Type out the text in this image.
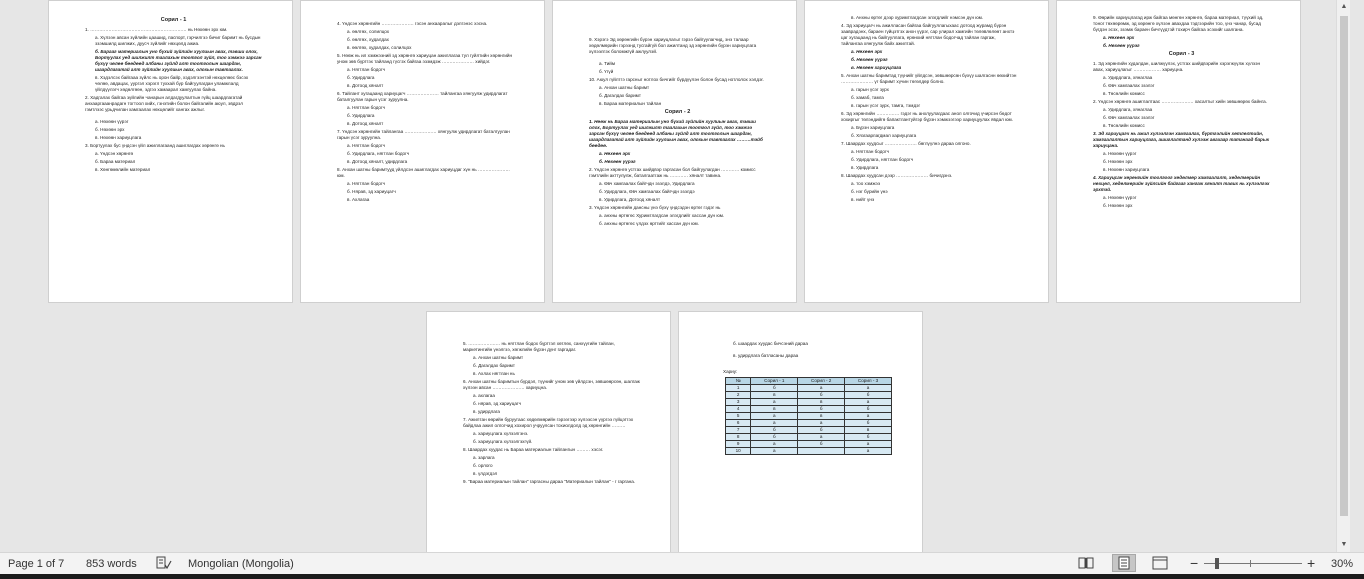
Сорил - 1

1. ……………………………………………………… нь Нөхөөн эрх юм.

а. Хүлээн авсан зүйлийн цаашид, паспорт, гэрчилгээ бичиг баримт нь бусдын эзэмшилд шилжих, дуусч зүйлийг нөхцөлд ажиа.

б. Барааг материалын уно бүхий зүйлийн хуулиын авах, тэвши олох, Бортуулах уед шилжилт таалахын тоотгол зүйл, тоо хэмжээ зарсан бүхүү чөлөө бөөдөөд албаны зүйлд алт тоотголын шаардан, шаардлагатай алт зүйлийн хуулиын авах, олохын тавтаалах.

в. Хэдэлсэх байгааа зүйлс нь орон байр, хэдэлгээнтэй нөхцөлөөс бэсэх чөлөө, авдацах, уургэл хэрэгл туххай бүр байгуулагдан уламжлалд үйлдүүлэгч хөдөлгөөн, эдгээ хамаарал хамгуулах байна.

2. Хадгалах байгаа зүйлийн чанарын алдагдуулалтын гүйц шаардлагатай анхааргааанрадагн тогтоол хийх, гэнэтийн болон байгалийн аюул, эвдрэл гэмтлээс урьдчилан хамгаалах нөхцөлийг хангах ажлыг.

а. Нөхөөн үүрэг

б. Нөхөөн эрх

в. Нөхөөн хариуцлага

3. Бортуулах бус үндсэн үйл ажиллагаанд ашиглагдах хөрөнгө нь

а. Үндсэн хөрөнгө

б. Бараа материал

в. Хөнгөмөлийн материал

4. Үндсэн хөрөнгийн ………………… гэсэн анхааралыг дэлгэнэс хэсна.

а. өөлгөх, солилцох

б. өөлгөх, худалдах

в. өөлгөх, худалдах, солилцох

5. Нөөж нь ил хэмжээний эд хөрөнгө хариуцан ажиллагаа тул гуйлтийн хөрөнгийн уном зөв бүртгэх тайланд гүсгэх байгаа эзэмдэж ………………… хийдэг.

а. Нягтлан бодогч

б. Удирдлага

в. Дотоод хяналт

6. Тайлант хугацаанд хариуцагч ………………… тайлангаа хянгуулж удирдлагат баталгуулан гарын үсэг зуруулна.

а. Нягтлан бодогч

б. Удирдлага

в. Дотоод хяналт

7. Үндсэн хөрөнгийн тайлангаа ………………… хянгуулж удирдлагат баталгуулан гарын үсэг зуруулна.

а. Нягтлан бодогч

б. Удирдлага, нягтлан бодогч

в. Дотоод хяналт, удирдлага

8. Анхан шатны баримтууд үйлдсэн ашиглагдах хариуцдаг хүн нь ………………… юм.

а. Нягтлан бодогч

б. Нярав, эд хариуцагч

в. Ахлагаа

9. Хэрэгэ Эд хөрөнгийн бүрэн хариуцлагыг гэрээ байгуулагчид, энэ талаар хөдөлмөрийн гэрээнд тусгайгүй бол ажилтанд эд хөрөнгийн бүрэн хариуцлага хүлээлгэх боломжгүй ажлуулэй.

а. Тийм

б. Үгүй

10. Аюул гүйлтгэ гарсныг нотлох бичгийг бүрдүүлэн болон бусад нотлолох хэлдэг.

а. Анхан шатны баримт

б. Дагалдах баримт

в. Бараа материалын тайлан

Сорил - 2

1. Нөөж нь Бараа материалын уно бүхий зүйлийн хуулиын авах, тэвши олох, Бортуулах уед шилжилт таалахын тоотгол зүйл, тоо хэмжээ зарсан бүхүү чөлөө бөөдөөд албаны зүйлд алт тоотголын шаардан, шаардлагатай алт зүйлийн хуулиын авах, олохын тавтаалах ………тэйб бөөдөө.

а. Нөхөөн эрх

б. Нөхөөн үүрэг

2. Үндсэн хөрөнгө устгах шийдвэр гаргасан бол байгуулагдан ………… комисс гэмтлийн акттулулж, баталгаатгаж нь ………… хяналт тавина.

а. Өвч хамгаалах байгчдн эзэлдэ, Удирдлага

б. Удирдлага, Өвч хамгаалах байгчдн эзэлдэ

в. Удирдлага, Дотоод хяналт

3. Үндсэн хөрөнгийн дансны үнэ бүхү үндсэдэн өртөг гэдэг нь

а. анхны өртөгөс Хуримтлагдсан элэгдлийг хассан дүн юм.

б. анхны өртөгөс үлдэх өртгийг хассан дүн юм.

в. Анхны өртөг дээр хуримтлагдсан элэгдлийг нэмсэн дүн юм.

4. Эд хариуцагч нь ажилласан байгаа байгууллагыхаас дотоод журамд бүрэн зааврадэнх, бараен гүйцэтгэх анхн үүрэг, сар улирал хамгийн төлөвлөлөөт анхтэ цаг хугацаанд нь байгууллага, ерөнхий нягтлан бодогчад тайлан гаргаж, тайлангаа хянгуулж байх ажилтай.

а. Нөхөөн эрх

б. Нөхөөн үүрэг

в. Нөхөөн хариуцлага

5. Анхан шатны баримтад түүнийг үйлдсэн, зөвшөөрсөн бүхүү шалгаснн өөхийтэн ………………… үг баримт хүчин төгөлдөр болно.

а. гарын үсэг зурх

б. хамаб, тамга

в. гарын үсэг зурх, тамга, тэмдэг

6. Эд хөрөнгийн …………… гэдэг нь анхлуулагдаас анол олгочид үчирсэн бөдот хохиргыг төлэндийгө бапактлантуйгэр бүрэн хэмжээгээр хариуцуулах явдал юм.

а. Бүрэн хариуцлага

б. Хязгаарлагдмал хариуцлага

7. Шаардах хуудсыг ………………… бөглүүлнэ дараа олгоно.

а. Нягтлан бодогч

б. Удирдлага, нягтлан бодогч

в. Удирдлага

8. Шаардах хуудсан дээр ………………… бичигдэнэ.

а. тоо хэмжээ

б. нэг бүрийн үнэ

в. нийт үнэ

9. Өөрийн хариуцлагад ирж байгаа мөнгөн хөрөнгө, бараа материал, түүхий эд, тоног төхөөрөмж, эд хөрөнгө хүлээн авахдаа тэдгээрийн тоо, үнэ чанар, бусад бүгдэн эсэх, эзэмж бараен бичгүүдтэй тохирч байгаа эсэхийг шалгана.

а. Нөхөөн эрх

б. Нөхөөн үүрэг

Сорил - 3

1. Эд хөрөнгийн худалдан, шилжүүлэх, устгах шийдвэрийн хэрэгжүүлж хүлээн авах, хариуцлагыг ……………… хариуцна.

а. Удирдлага, хянаглаа

б. Өвч хамгаалах эзэлэг

в. Төсөлийн комисс

2. Үндсэн хөрөнгө ашиглалтаас ………………… хасалтыг хийн зөвшөөрөх байнга.

а. Удирдлага, хянаглаа

б. Өвч хамгаалах эзэлэг

в. Төсөлийн комисс

3. Эд хариуцагч нь ажил хүлээлгэн хамгаалах, бүртгэлийн хөтлөлтийн, хамгаалалтын хариуцлага, ашиглалтанд хүлээж авахаар татанаад барьж хариуцана.

а. Нөхөөн үүрэг

б. Нөхөөн эрх

в. Нөхөөн хариуцлага

4. Хариуцсан хөрөнгийн тоолгоог хөдөлмөр хамгаалалт, хөдөлмөрийн нөхцөл, хөдөлмөрийн зүйлсийн байгааг хангаж хяналт тавих нь хүлээлгэх эрхтэй.

а. Нөхөөн үүрэг

б. Нөхөөн эрх

5. ………………… нь нягтлан бодох бүртгэл хөтлөх, санхүүгийн тайлан, маркетингийн үнэлгээ, хөгжлийн бүрэн дүнг гаргадаг.

а. Анхан шатны баримт

б. Дагалдах баримт

в. Ахлах нягтлан нь

6. Анхан шатны баримтын бүрдэл, түүнийг уном зөв үйлдсэн, зөвшөөрсөн, шалгаж хүлээн авсан ………………… хариуцна.

а. ахлагаа

б. нярав, эд хариуцагч

в. удирдлага

7. Ажилтан өөрийн буруугаас хөдөлмөрийн гэрээгээр хүлээсэн үүргээ гүйцэтгэх байдлаа ажил олгогчид хохирол учруулсан тохиолдолд эд хөрөнгийн ………

а. хариуцлага хүлээлгэнэ.

б. хариуцлага хүлээлгэхгүй.

8. Шаардах хуудас нь Бараа материалын тайлангын ……… хэсэг.

а. зарлага

б. орлого

в. үлдэгдэл

9. "Бараа материалын тайлан" гаргасны дараа "Материалын тайлан" - г гаргана.

б. шаардах хуудас бичсэний дараа

в. удирдлага батласаны дараа

Хариу:

№	Сорил - 1	Сорил - 2	Сорил - 3
1	б	а	а
2	в	б	б
3	а	в	а
4	в	б	б
5	а	в	а
6	а	а	б
7	б	б	в
8	б	а	б
9	а	б	а
10	а		а
▲
▼
Page 1 of 7 853 words	Mongolian (Mongolia)	−	+ 30%
